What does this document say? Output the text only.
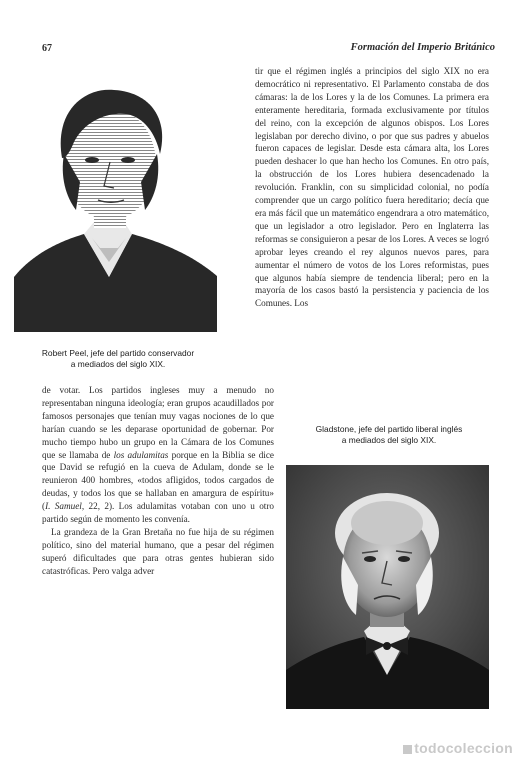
67	Formación del Imperio Británico
Robert Peel, jefe del partido conservador
a mediados del siglo XIX.

tir que el régimen inglés a principios del siglo XIX no era democrático ni representativo. El Parlamento constaba de dos cámaras: la de los Lores y la de los Comunes. La primera era enteramente hereditaria, formada exclusivamente por títulos del reino, con la excepción de algunos obispos. Los Lores legislaban por derecho divino, o por que sus padres y abuelos fueron capaces de legislar. Desde esta cámara alta, los Lores pueden deshacer lo que han hecho los Comunes. En otro país, la obstrucción de los Lores hubiera desencadenado la revolución. Franklin, con su simplicidad colonial, no podía comprender que un cargo político fuera hereditario; decía que era más fácil que un matemático engendrara a otro matemático, que un legislador a otro legislador. Pero en Inglaterra las reformas se consiguieron a pesar de los Lores. A veces se logró aprobar leyes creando el rey algunos nuevos pares, para aumentar el número de votos de los Lores reformistas, pues que algunos había siempre de tendencia liberal; pero en la mayoría de los casos bastó la persistencia y paciencia de los Comunes. Los

de votar. Los partidos ingleses muy a menudo no representaban ninguna ideología; eran grupos acaudillados por famosos personajes que tenían muy vagas nociones de lo que harían cuando se les deparase oportunidad de gobernar. Por mucho tiempo hubo un grupo en la Cámara de los Comunes que se llamaba de los adulamitas porque en la Biblia se dice que David se refugió en la cueva de Adulam, donde se le reunieron 400 hombres, «todos afligidos, todos cargados de deudas, y todos los que se hallaban en amargura de espíritu» (I. Samuel, 22, 2). Los adulamitas votaban con uno u otro partido según de momento les convenía.

La grandeza de la Gran Bretaña no fue hija de su régimen político, sino del material humano, que a pesar del régimen superó dificultades que para otras gentes hubieran sido catastróficas. Pero valga adver

Gladstone, jefe del partido liberal inglés
a mediados del siglo XIX.
todocoleccion
